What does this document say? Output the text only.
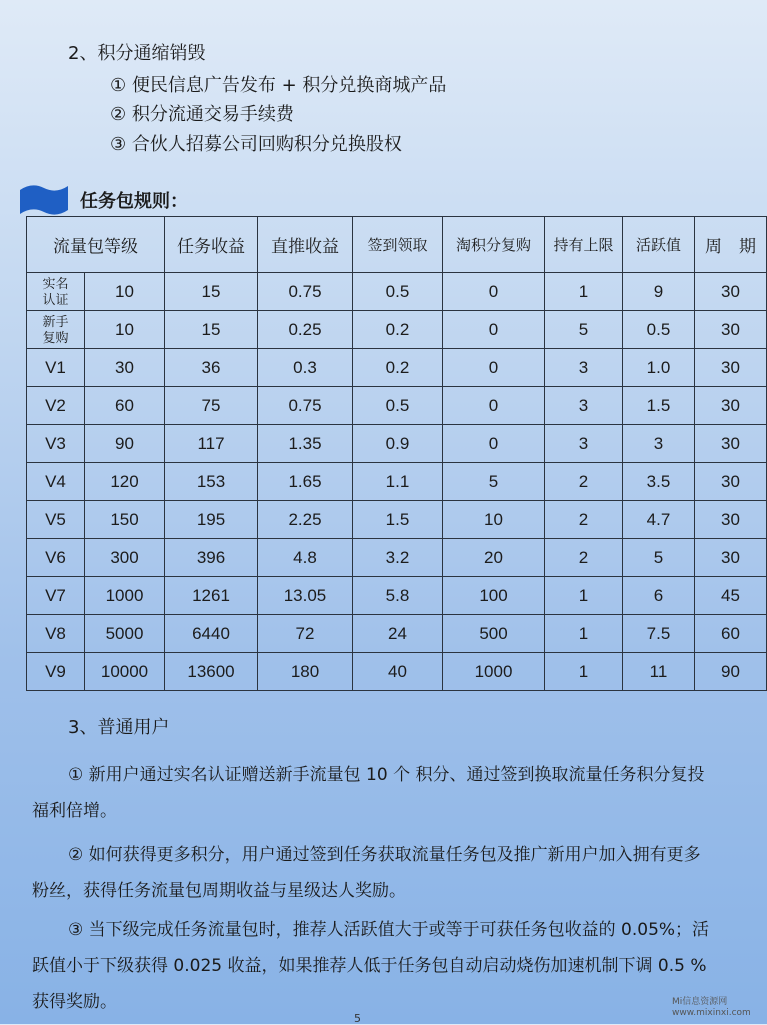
2、积分通缩销毁
① 便民信息广告发布 + 积分兑换商城产品
② 积分流通交易手续费
③ 合伙人招募公司回购积分兑换股权
任务包规则：
流量包等级		任务收益	直推收益	签到领取	淘积分复购	持有上限	活跃值	周　期
实名
认证	10	15	0.75	0.5	0	1	9	30
新手
复购	10	15	0.25	0.2	0	5	0.5	30
V1	30	36	0.3	0.2	0	3	1.0	30
V2	60	75	0.75	0.5	0	3	1.5	30
V3	90	117	1.35	0.9	0	3	3	30
V4	120	153	1.65	1.1	5	2	3.5	30
V5	150	195	2.25	1.5	10	2	4.7	30
V6	300	396	4.8	3.2	20	2	5	30
V7	1000	1261	13.05	5.8	100	1	6	45
V8	5000	6440	72	24	500	1	7.5	60
V9	10000	13600	180	40	1000	1	11	90
3、普通用户

① 新用户通过实名认证赠送新手流量包 10 个 积分、通过签到换取流量任务积分复投福利倍增。

② 如何获得更多积分，用户通过签到任务获取流量任务包及推广新用户加入拥有更多粉丝，获得任务流量包周期收益与星级达人奖励。

③ 当下级完成任务流量包时，推荐人活跃值大于或等于可获任务包收益的 0.05%；活跃值小于下级获得 0.025 收益，如果推荐人低于任务包自动启动烧伤加速机制下调 0.5 %获得奖励。	Mi信息资源网
www.mixinxi.com
5
